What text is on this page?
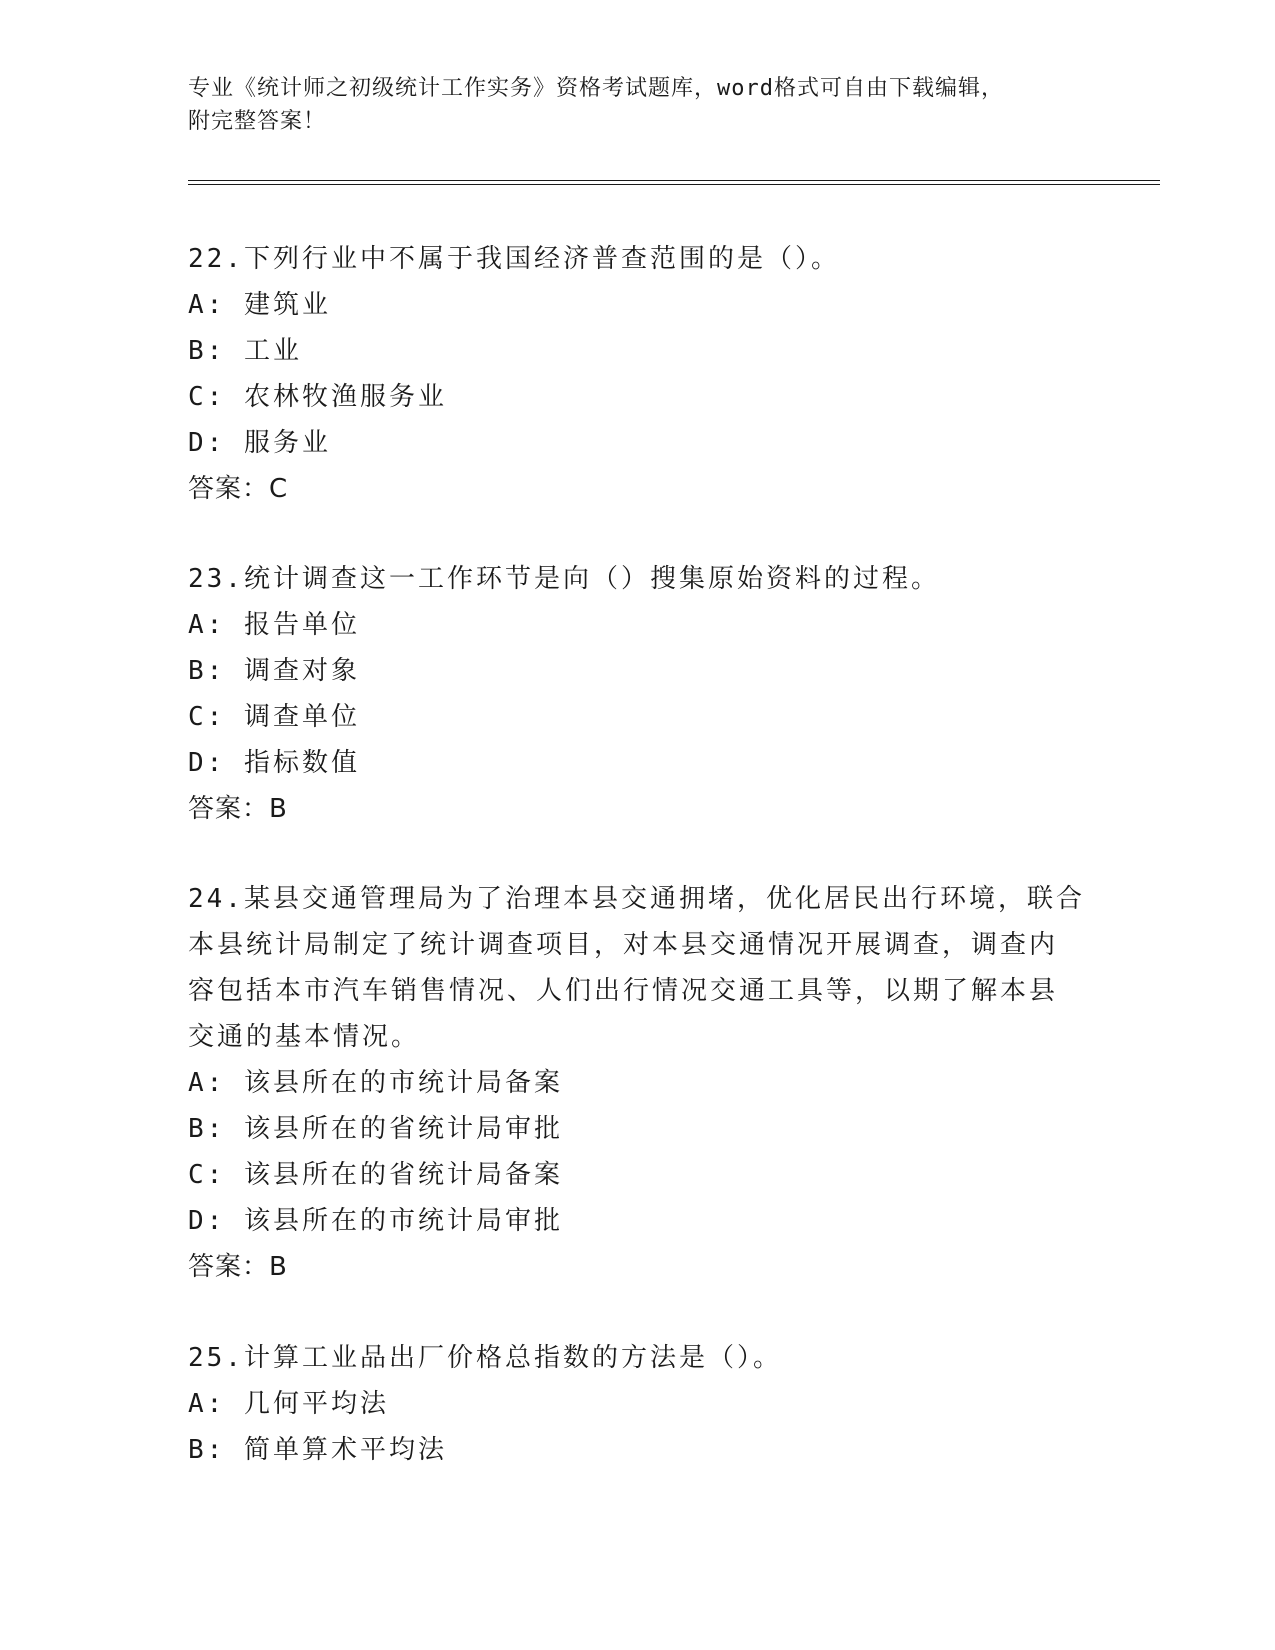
专业《统计师之初级统计工作实务》资格考试题库，word格式可自由下载编辑，
附完整答案！
22.下列行业中不属于我国经济普查范围的是（）。
A: 建筑业
B: 工业
C: 农林牧渔服务业
D: 服务业
答案：C
23.统计调查这一工作环节是向（）搜集原始资料的过程。
A: 报告单位
B: 调查对象
C: 调查单位
D: 指标数值
答案：B
24.某县交通管理局为了治理本县交通拥堵，优化居民出行环境，联合
本县统计局制定了统计调查项目，对本县交通情况开展调查，调查内
容包括本市汽车销售情况、人们出行情况交通工具等，以期了解本县
交通的基本情况。
A: 该县所在的市统计局备案
B: 该县所在的省统计局审批
C: 该县所在的省统计局备案
D: 该县所在的市统计局审批
答案：B
25.计算工业品出厂价格总指数的方法是（）。
A: 几何平均法
B: 简单算术平均法
